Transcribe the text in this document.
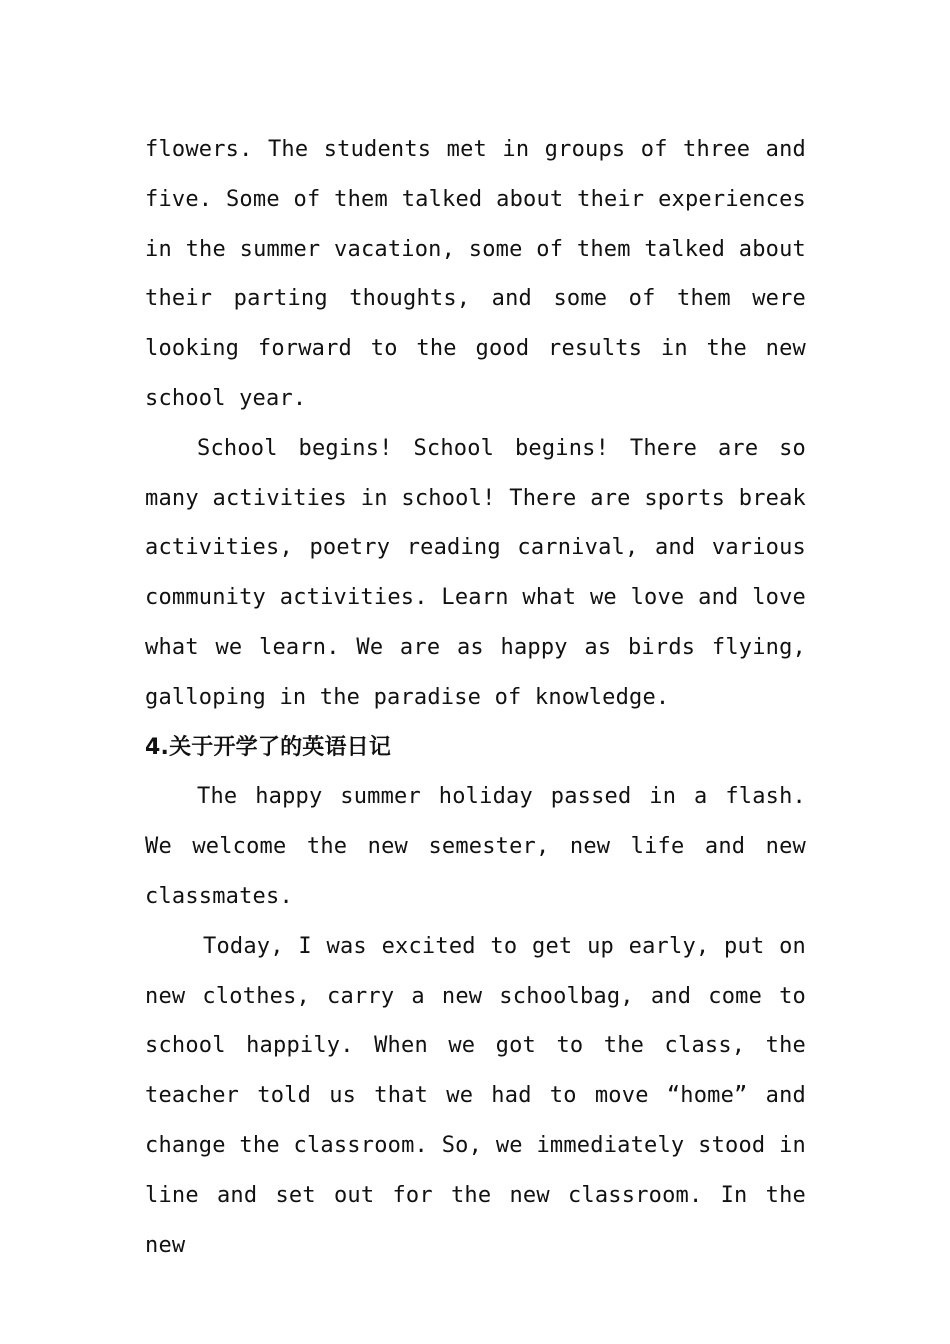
flowers. The students met in groups of three and five. Some of them talked about their experiences in the summer vacation, some of them talked about their parting thoughts, and some of them were looking forward to the good results in the new school year.

School begins! School begins! There are so many activities in school! There are sports break activities, poetry reading carnival, and various community activities. Learn what we love and love what we learn. We are as happy as birds flying, galloping in the paradise of knowledge.

4.关于开学了的英语日记

The happy summer holiday passed in a flash. We welcome the new semester, new life and new classmates.

Today, I was excited to get up early, put on new clothes, carry a new schoolbag, and come to school happily. When we got to the class, the teacher told us that we had to move “home” and change the classroom. So, we immediately stood in line and set out for the new classroom. In the new
